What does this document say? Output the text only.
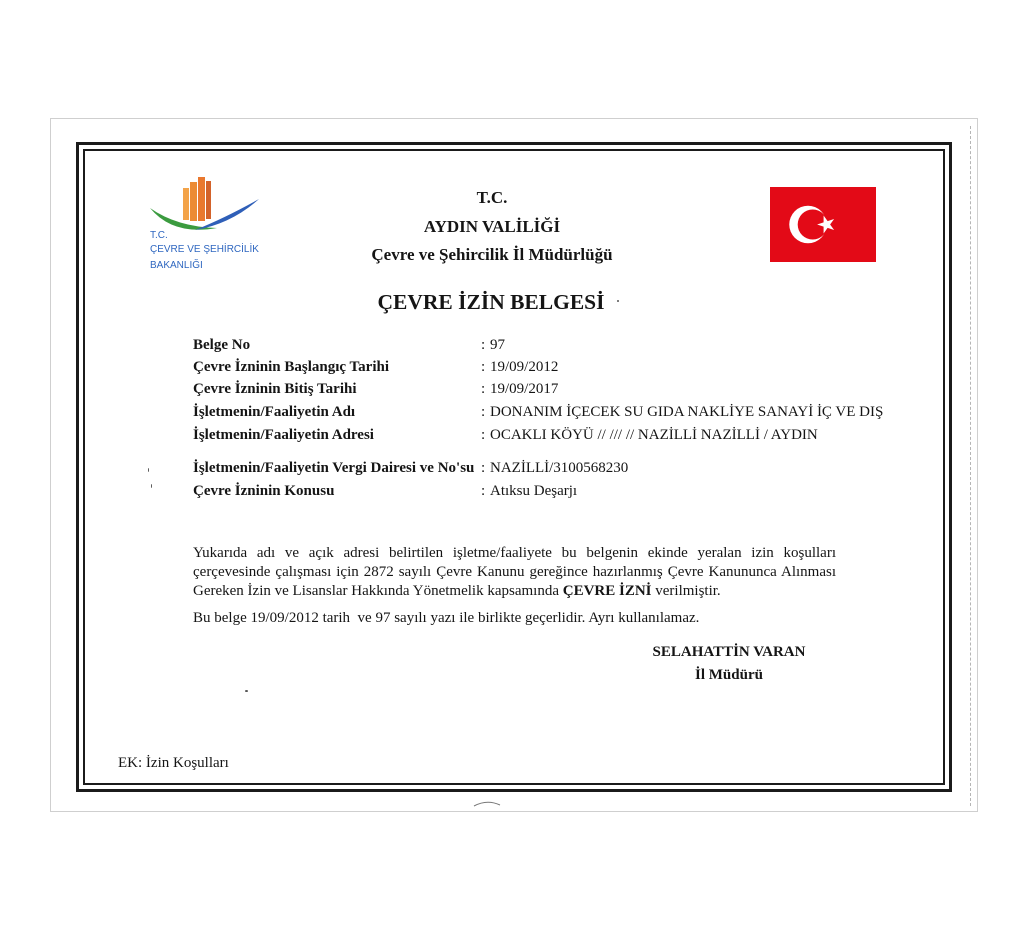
T.C.
ÇEVRE VE ŞEHİRCİLİK
BAKANLIĞI
T.C.
AYDIN VALİLİĞİ
Çevre ve Şehircilik İl Müdürlüğü
ÇEVRE İZİN BELGESİ
Belge No	: 97
Çevre İzninin Başlangıç Tarihi	: 19/09/2012
Çevre İzninin Bitiş Tarihi	: 19/09/2017
İşletmenin/Faaliyetin Adı	: DONANIM İÇECEK SU GIDA NAKLİYE SANAYİ İÇ VE DIŞ
İşletmenin/Faaliyetin Adresi	: OCAKLI KÖYÜ // /// // NAZİLLİ NAZİLLİ / AYDIN
İşletmenin/Faaliyetin Vergi Dairesi ve No'su : NAZİLLİ/3100568230
Çevre İzninin Konusu	: Atıksu Deşarjı
Yukarıda adı ve açık adresi belirtilen işletme/faaliyete bu belgenin ekinde yeralan izin koşulları
çerçevesinde çalışması için 2872 sayılı Çevre Kanunu gereğince hazırlanmış Çevre Kanununca Alınması
Gereken İzin ve Lisanslar Hakkında Yönetmelik kapsamında ÇEVRE İZNİ verilmiştir.
Bu belge 19/09/2012 tarih  ve 97 sayılı yazı ile birlikte geçerlidir. Ayrı kullanılamaz.
SELAHATTİN VARAN
İl Müdürü
EK: İzin Koşulları
